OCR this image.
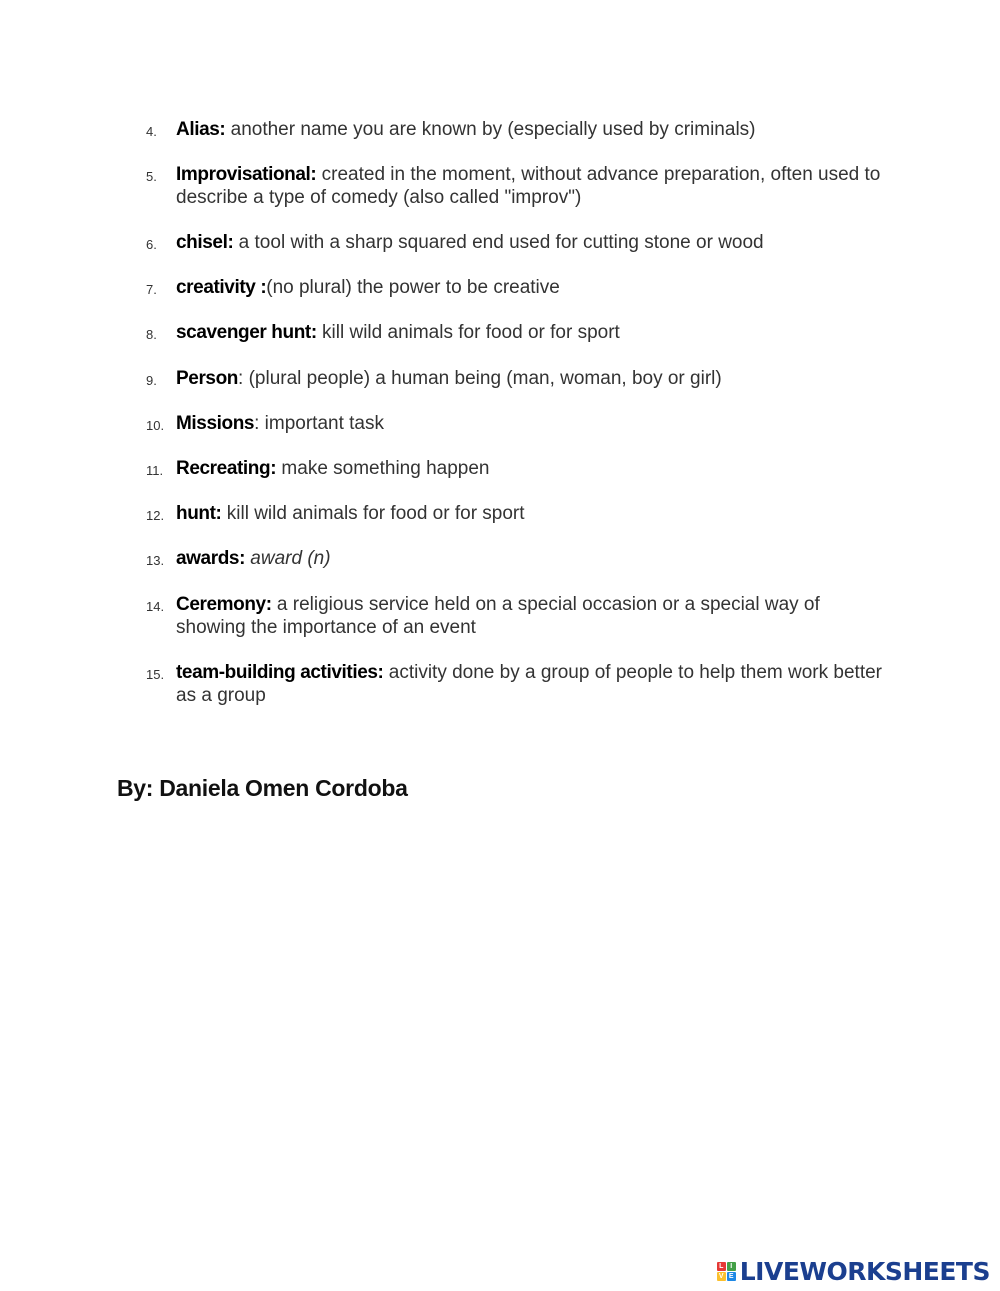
4.	Alias: another name you are known by (especially used by criminals)
5.	Improvisational: created in the moment, without advance preparation, often used to describe a type of comedy (also called "improv")
6.	chisel: a tool with a sharp squared end used for cutting stone or wood
7.	creativity :(no plural) the power to be creative
8.	scavenger hunt: kill wild animals for food or for sport
9.	Person: (plural people) a human being (man, woman, boy or girl)
10. Missions: important task
11. Recreating: make something happen
12. hunt: kill wild animals for food or for sport
13. awards: award (n)
14. Ceremony: a religious service held on a special occasion or a special way of showing the importance of an event
15. team-building activities: activity done by a group of people to help them work better as a group
By: Daniela Omen Cordoba
L I
V E LIVEWORKSHEETS
